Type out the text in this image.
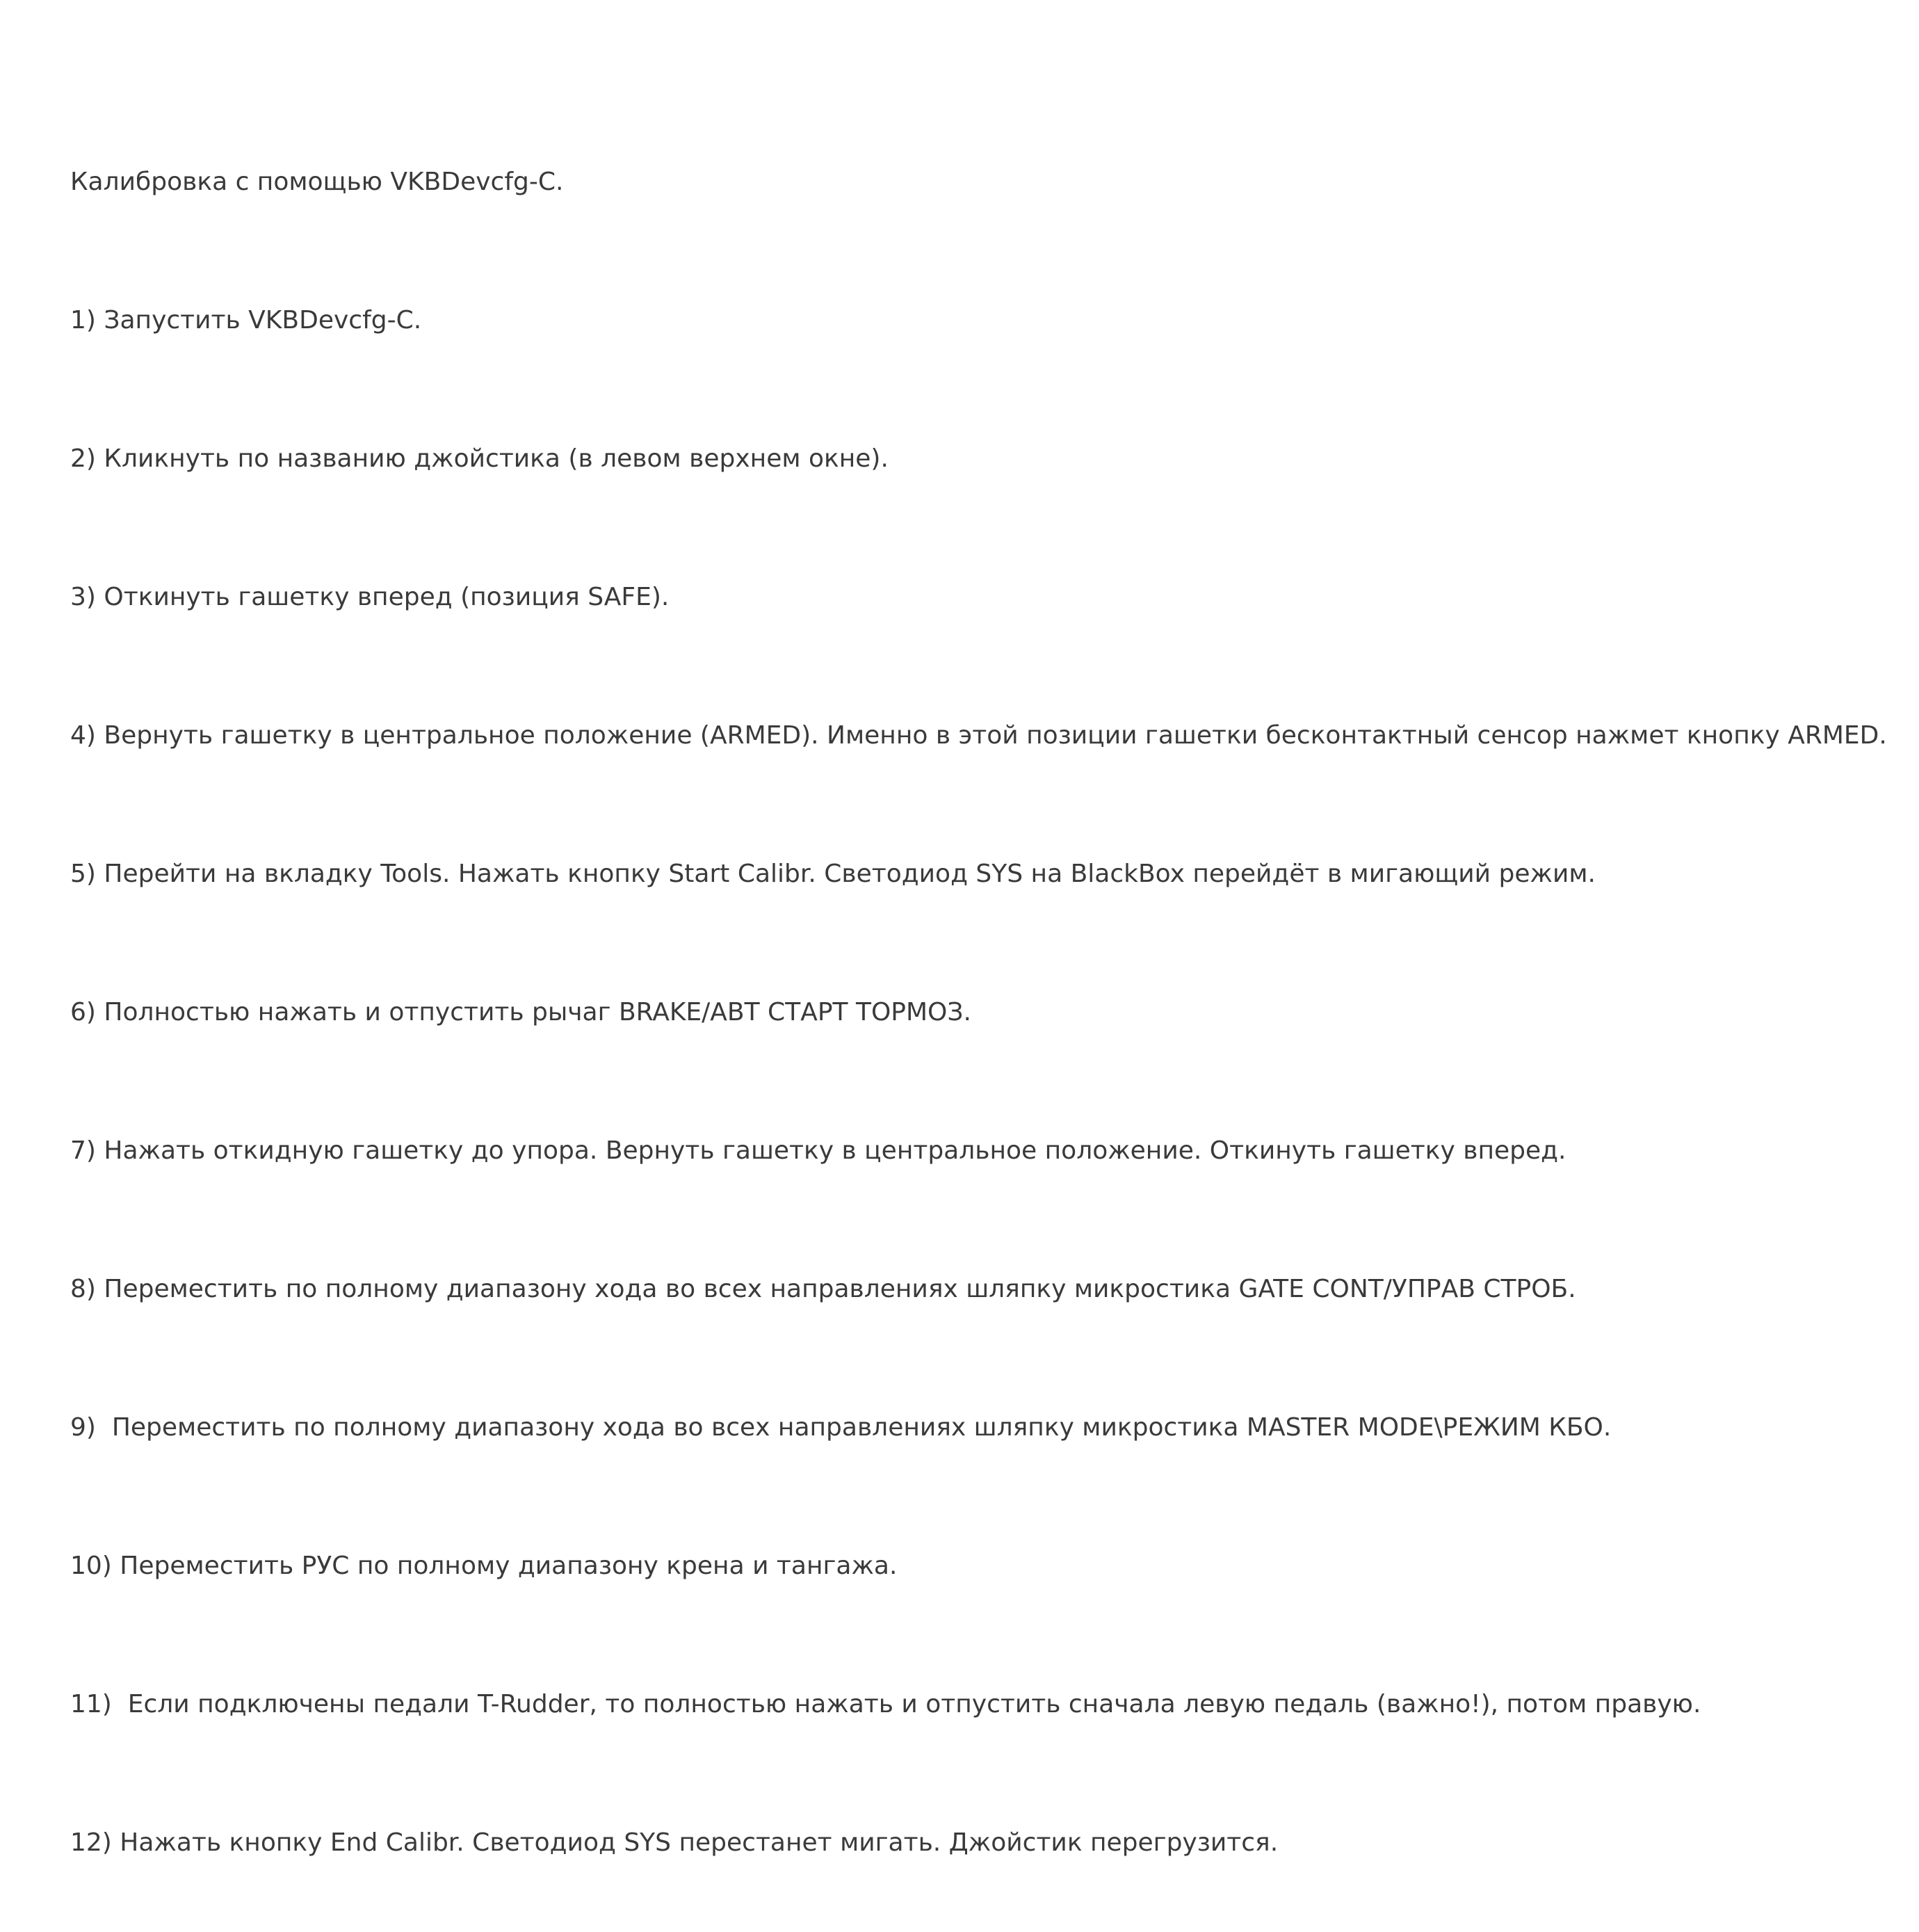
Калибровка с помощью VKBDevcfg-C.

1) Запустить VKBDevcfg-C.

2) Кликнуть по названию джойстика (в левом верхнем окне).

3) Откинуть гашетку вперед (позиция SAFE).

4) Вернуть гашетку в центральное положение (ARMED). Именно в этой позиции гашетки бесконтактный сенсор нажмет кнопку ARMED.

5) Перейти на вкладку Tools. Нажать кнопку Start Calibr. Светодиод SYS на BlackBox перейдёт в мигающий режим.

6) Полностью нажать и отпустить рычаг BRAKE/АВТ СТАРТ ТОРМОЗ.

7) Нажать откидную гашетку до упора. Вернуть гашетку в центральное положение. Откинуть гашетку вперед.

8) Переместить по полному диапазону хода во всех направлениях шляпку микростика GATE CONT/УПРАВ СТРОБ.

9)  Переместить по полному диапазону хода во всех направлениях шляпку микростика MASTER MODE\РЕЖИМ КБО.

10) Переместить РУС по полному диапазону крена и тангажа.

11)  Если подключены педали T-Rudder, то полностью нажать и отпустить сначала левую педаль (важно!), потом правую.

12) Нажать кнопку End Calibr. Светодиод SYS перестанет мигать. Джойстик перегрузится.
